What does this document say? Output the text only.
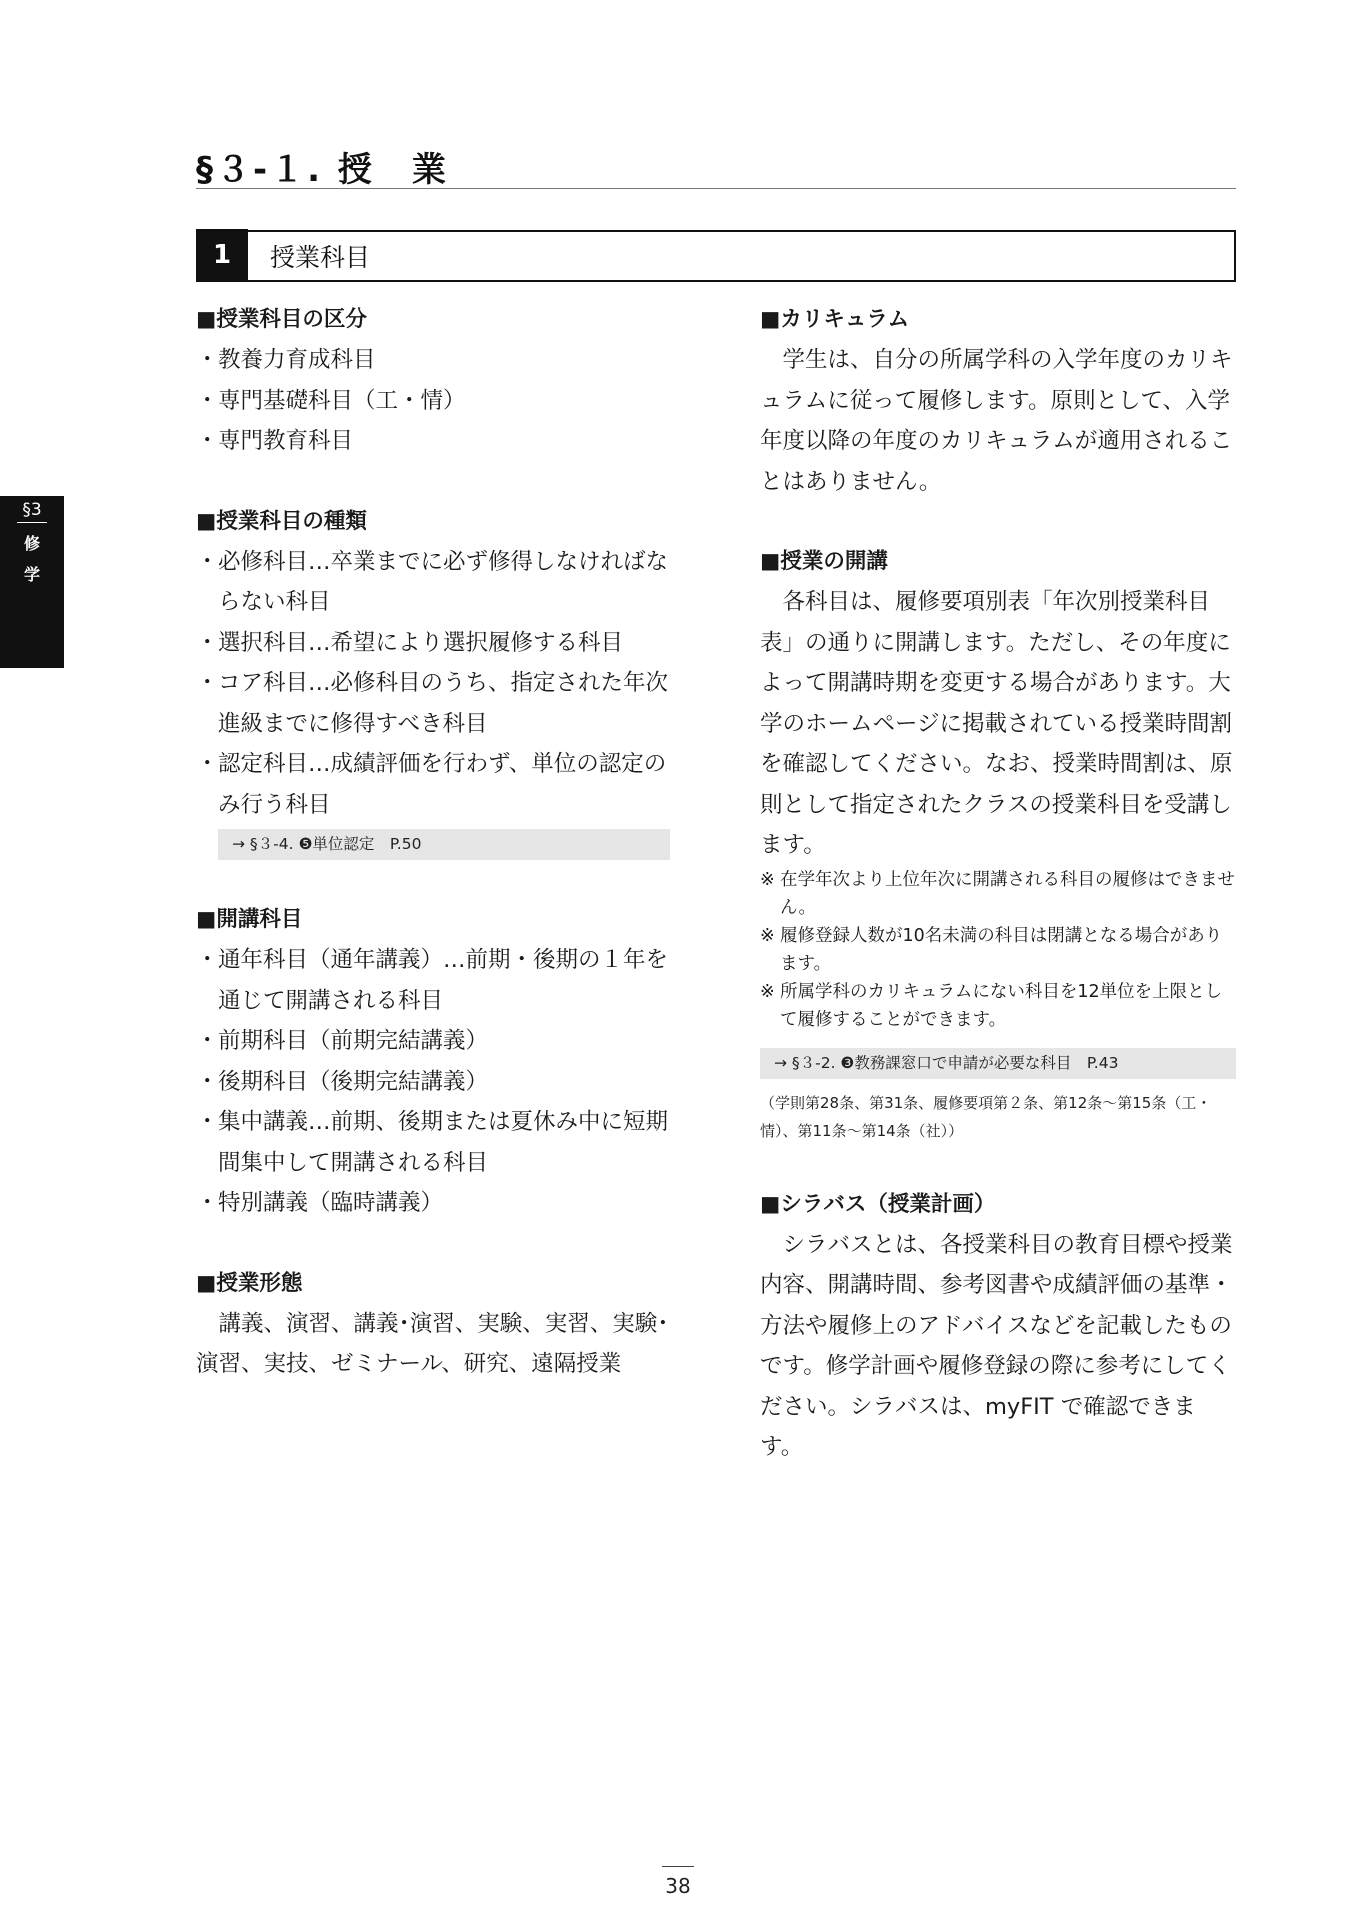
§３-１. 授　業
1	授業科目
§3
修
学
■授業科目の区分
・ 教養力育成科目
・ 専門基礎科目（工・情）
・ 専門教育科目
■授業科目の種類
・ 必修科目…卒業までに必ず修得しなければならない科目
・ 選択科目…希望により選択履修する科目
・ コア科目…必修科目のうち、指定された年次進級までに修得すべき科目
・ 認定科目…成績評価を行わず、単位の認定のみ行う科目
→ §３-4. ❺単位認定　P.50
■開講科目
・ 通年科目（通年講義）…前期・後期の１年を通じて開講される科目
・ 前期科目（前期完結講義）
・ 後期科目（後期完結講義）
・ 集中講義…前期、後期または夏休み中に短期間集中して開講される科目
・ 特別講義（臨時講義）
■授業形態
講義、演習、講義･演習、実験、実習、実験･演習、実技、ゼミナール、研究、遠隔授業
■カリキュラム
学生は、自分の所属学科の入学年度のカリキュラムに従って履修します。原則として、入学年度以降の年度のカリキュラムが適用されることはありません。
■授業の開講
各科目は、履修要項別表「年次別授業科目表」の通りに開講します。ただし、その年度によって開講時期を変更する場合があります。大学のホームページに掲載されている授業時間割を確認してください。なお、授業時間割は、原則として指定されたクラスの授業科目を受講します。
※ 在学年次より上位年次に開講される科目の履修はできません。
※ 履修登録人数が10名未満の科目は閉講となる場合があります。
※ 所属学科のカリキュラムにない科目を12単位を上限として履修することができます。
→ §３-2. ❸教務課窓口で申請が必要な科目　P.43
（学則第28条、第31条、履修要項第２条、第12条～第15条（工・情）、第11条～第14条（社））
■シラバス（授業計画）
シラバスとは、各授業科目の教育目標や授業内容、開講時間、参考図書や成績評価の基準・方法や履修上のアドバイスなどを記載したものです。修学計画や履修登録の際に参考にしてください。シラバスは、myFIT で確認できます。
38
